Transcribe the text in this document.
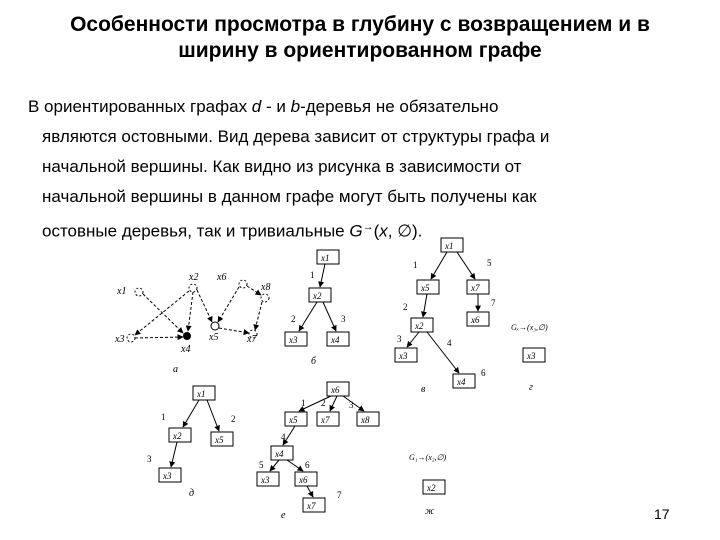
Особенности просмотра в глубину с возвращением и в
ширину в ориентированном графе
В ориентированных графах d - и b-деревья не обязательно
являются остовными. Вид дерева зависит от структуры графа и
начальной вершины. Как видно из рисунка в зависимости от
начальной вершины в данном графе могут быть получены как
остовные деревья, так и тривиальные G→(x, ∅).
x1
x2
x3
x4
x5
x6
x7
x8
а
x1
x2
x3	x4
1
2	3
б
x1
x5	x7
x6
x2
x3
x4
1	5
7
2
3	4
6
в
Gₓ→(x₃,∅)
x3
г
x1
x2	x5
x3
1	2
3
д
x6
x5	x7	x8
x4
x3	x6
x7
1 2	3
4
5	6
7
е
G₁→(x₂,∅)
x2
ж	17
